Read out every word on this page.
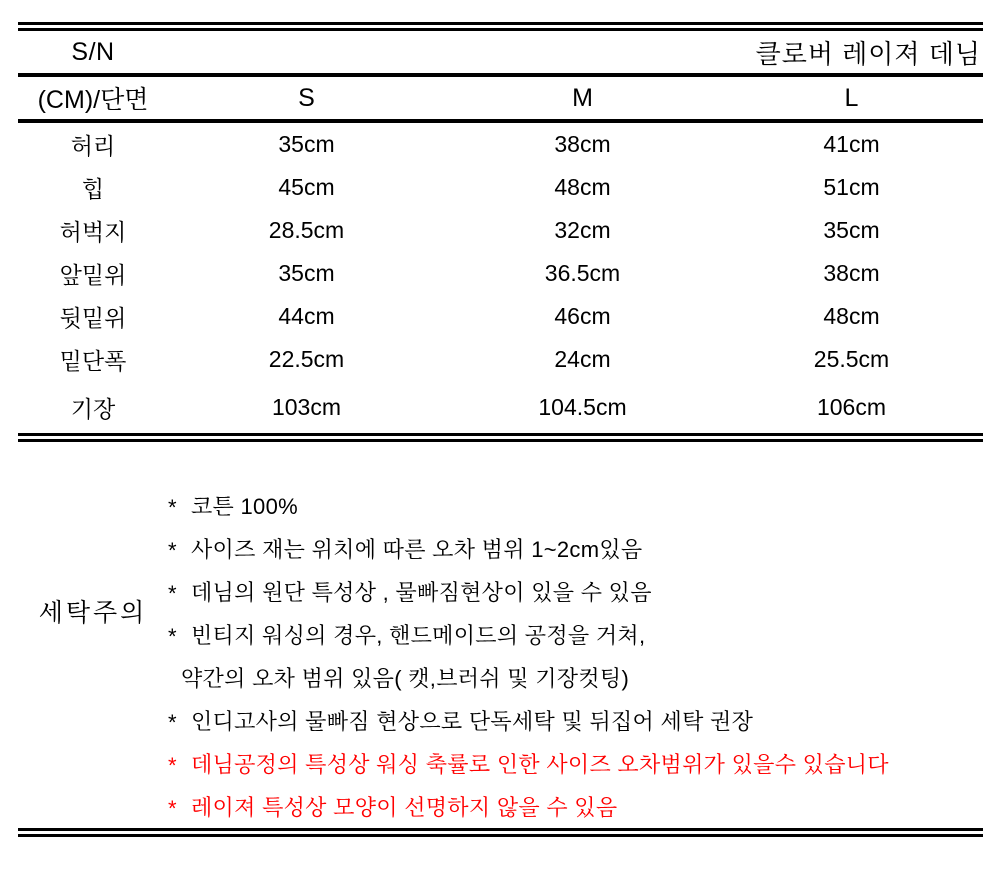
S/N	클로버 레이져 데님
(CM)/단면	S	M	L
허리	35cm	38cm	41cm
힙	45cm	48cm	51cm
허벅지	28.5cm	32cm	35cm
앞밑위	35cm	36.5cm	38cm
뒷밑위	44cm	46cm	48cm
밑단폭	22.5cm	24cm	25.5cm
기장	103cm	104.5cm	106cm
세탁주의
* 코튼 100%
* 사이즈 재는 위치에 따른 오차 범위 1~2cm있음
* 데님의 원단 특성상 , 물빠짐현상이 있을 수 있음
* 빈티지 워싱의 경우, 핸드메이드의 공정을 거쳐,
약간의 오차 범위 있음( 캣,브러쉬 및 기장컷팅)
* 인디고사의 물빠짐 현상으로 단독세탁 및 뒤집어 세탁 권장
* 데님공정의 특성상 워싱 축률로 인한 사이즈 오차범위가 있을수 있습니다
* 레이져 특성상 모양이 선명하지 않을 수 있음
